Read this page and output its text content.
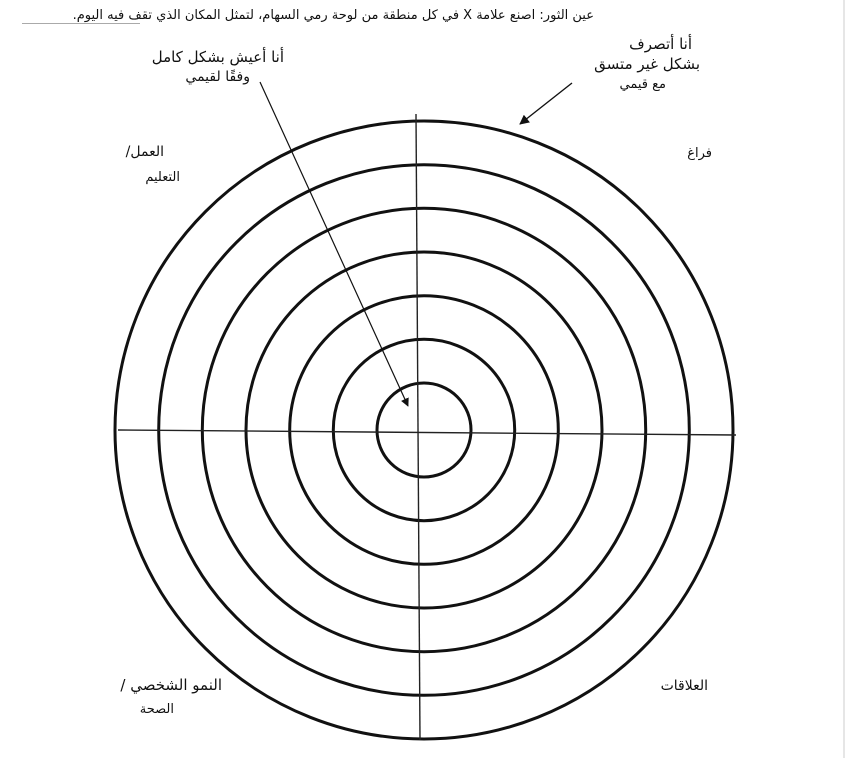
عين الثور: اصنع علامة X في كل منطقة من لوحة رمي السهام، لتمثل المكان الذي تقف فيه اليوم.
أنا أتصرف
بشكل غير متسق
مع قيمي
أنا أعيش بشكل كامل
وفقًا لقيمي
العمل/
التعليم
فراغ
النمو الشخصي /
الصحة
العلاقات
